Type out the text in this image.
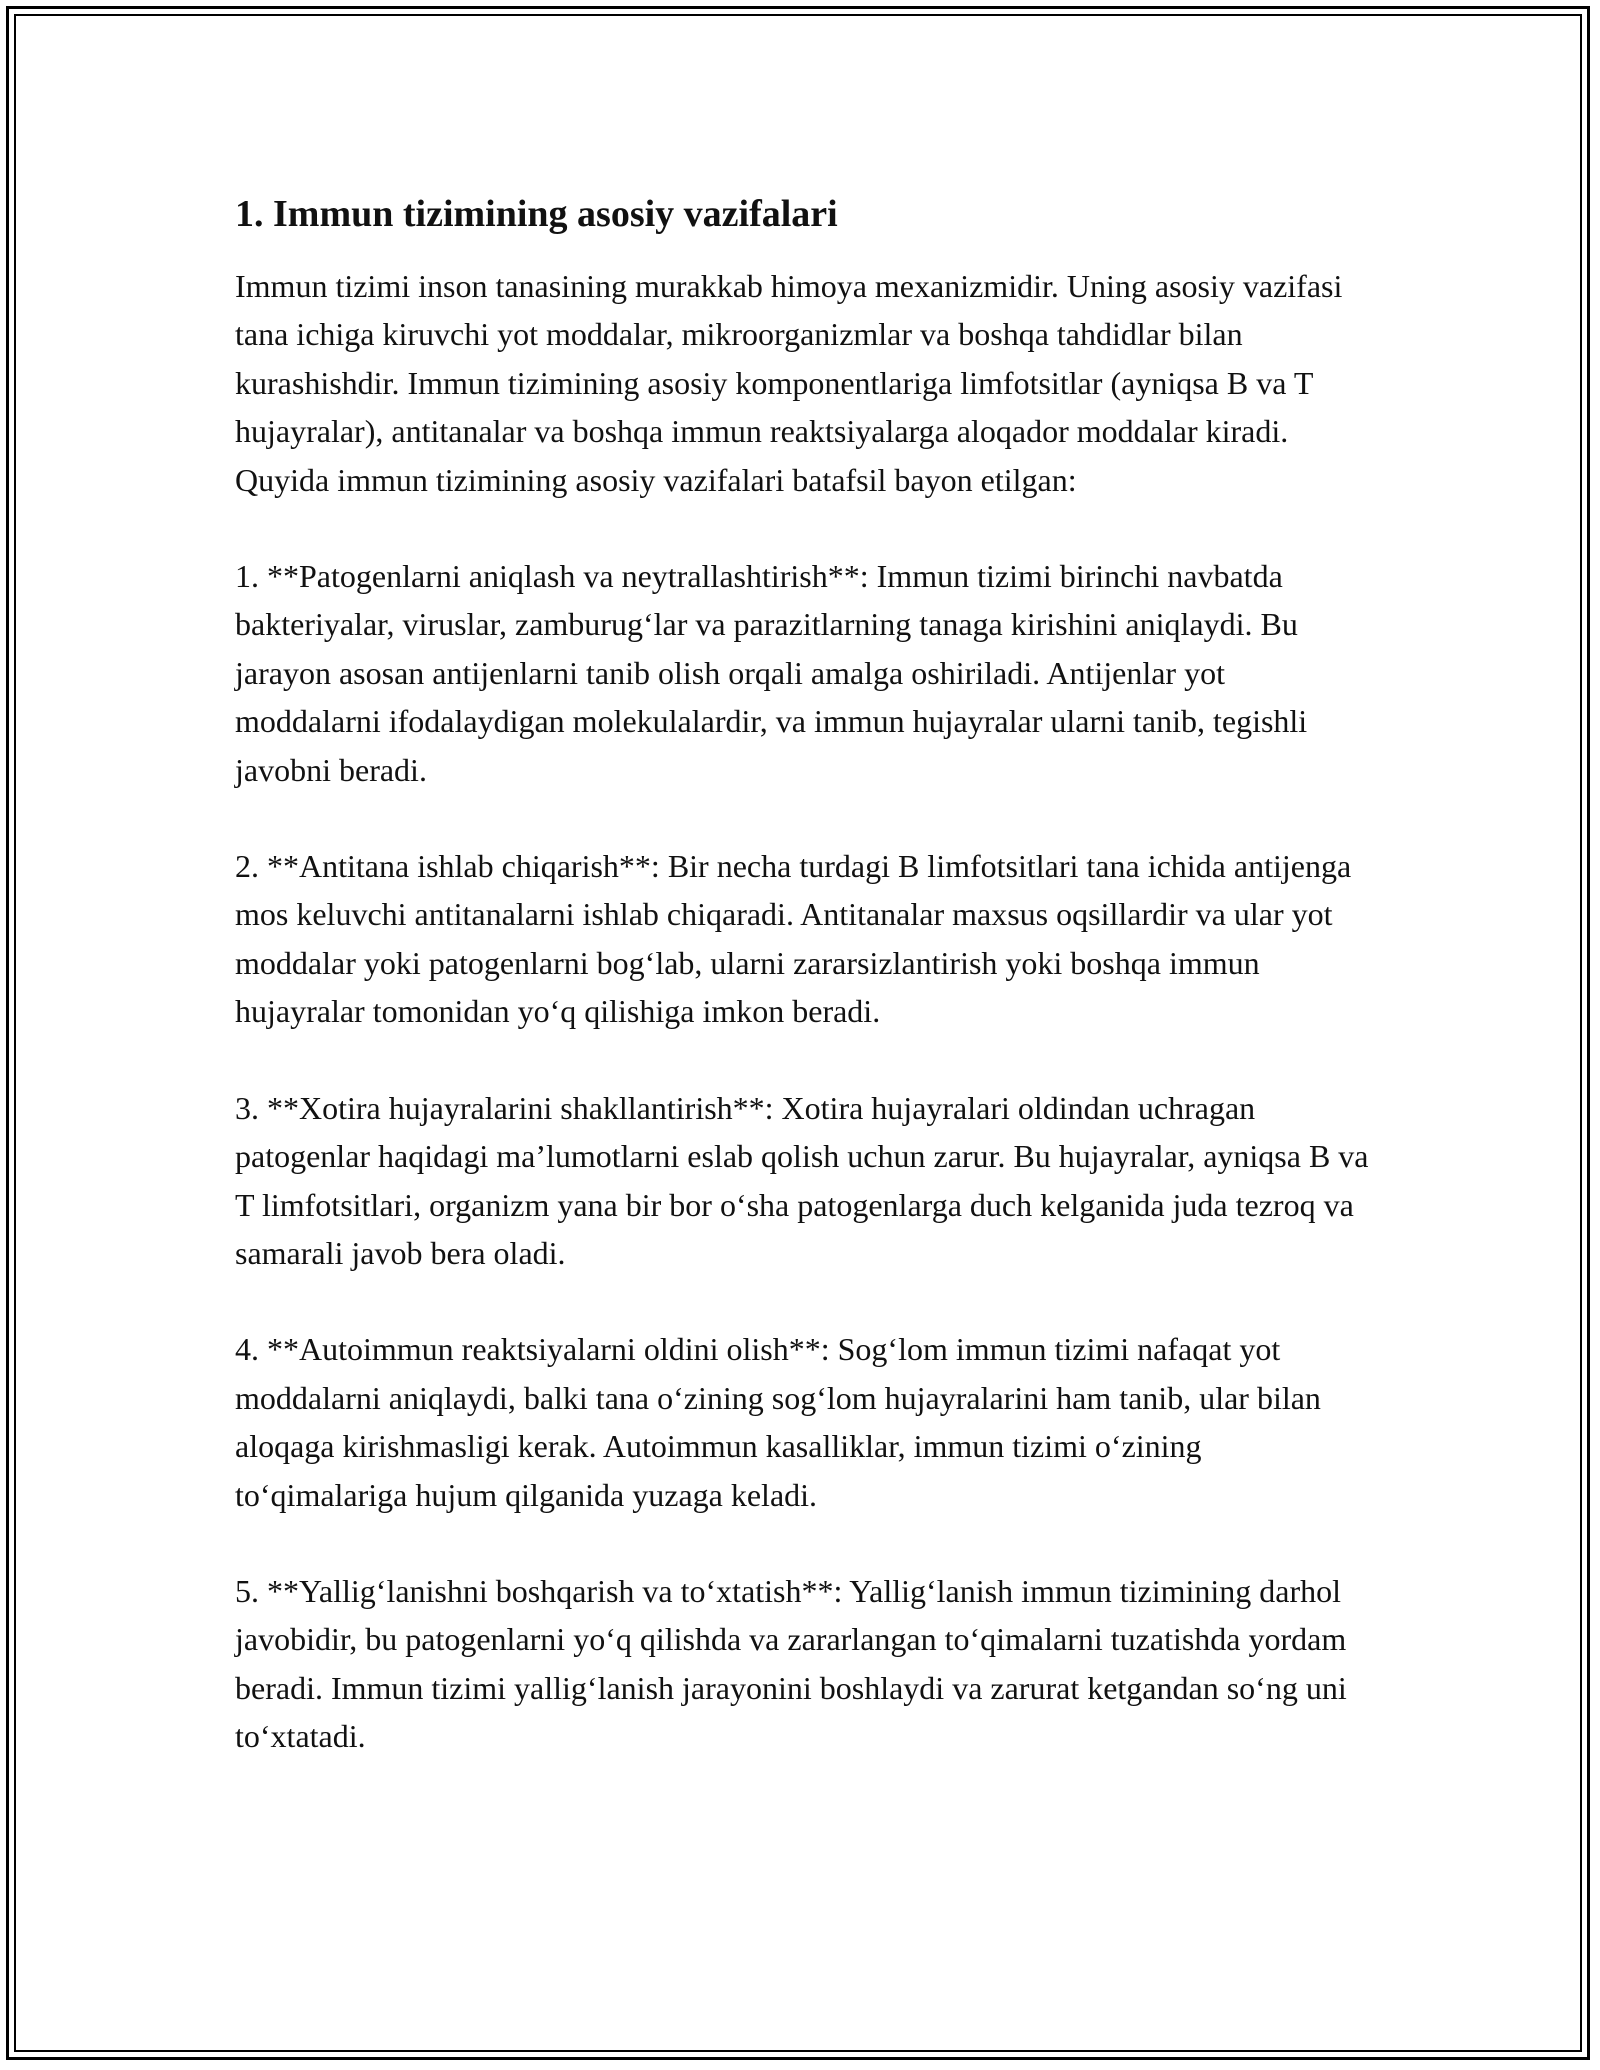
1. Immun tizimining asosiy vazifalari

Immun tizimi inson tanasining murakkab himoya mexanizmidir. Uning asosiy vazifasi tana ichiga kiruvchi yot moddalar, mikroorganizmlar va boshqa tahdidlar bilan kurashishdir. Immun tizimining asosiy komponentlariga limfotsitlar (ayniqsa B va T hujayralar), antitanalar va boshqa immun reaktsiyalarga aloqador moddalar kiradi. Quyida immun tizimining asosiy vazifalari batafsil bayon etilgan:

1. **Patogenlarni aniqlash va neytrallashtirish**: Immun tizimi birinchi navbatda bakteriyalar, viruslar, zamburug‘lar va parazitlarning tanaga kirishini aniqlaydi. Bu jarayon asosan antijenlarni tanib olish orqali amalga oshiriladi. Antijenlar yot moddalarni ifodalaydigan molekulalardir, va immun hujayralar ularni tanib, tegishli javobni beradi.

2. **Antitana ishlab chiqarish**: Bir necha turdagi B limfotsitlari tana ichida antijenga mos keluvchi antitanalarni ishlab chiqaradi. Antitanalar maxsus oqsillardir va ular yot moddalar yoki patogenlarni bog‘lab, ularni zararsizlantirish yoki boshqa immun hujayralar tomonidan yo‘q qilishiga imkon beradi.

3. **Xotira hujayralarini shakllantirish**: Xotira hujayralari oldindan uchragan patogenlar haqidagi ma’lumotlarni eslab qolish uchun zarur. Bu hujayralar, ayniqsa B va T limfotsitlari, organizm yana bir bor o‘sha patogenlarga duch kelganida juda tezroq va samarali javob bera oladi.

4. **Autoimmun reaktsiyalarni oldini olish**: Sog‘lom immun tizimi nafaqat yot moddalarni aniqlaydi, balki tana o‘zining sog‘lom hujayralarini ham tanib, ular bilan aloqaga kirishmasligi kerak. Autoimmun kasalliklar, immun tizimi o‘zining to‘qimalariga hujum qilganida yuzaga keladi.

5. **Yallig‘lanishni boshqarish va to‘xtatish**: Yallig‘lanish immun tizimining darhol javobidir, bu patogenlarni yo‘q qilishda va zararlangan to‘qimalarni tuzatishda yordam beradi. Immun tizimi yallig‘lanish jarayonini boshlaydi va zarurat ketgandan so‘ng uni to‘xtatadi.
